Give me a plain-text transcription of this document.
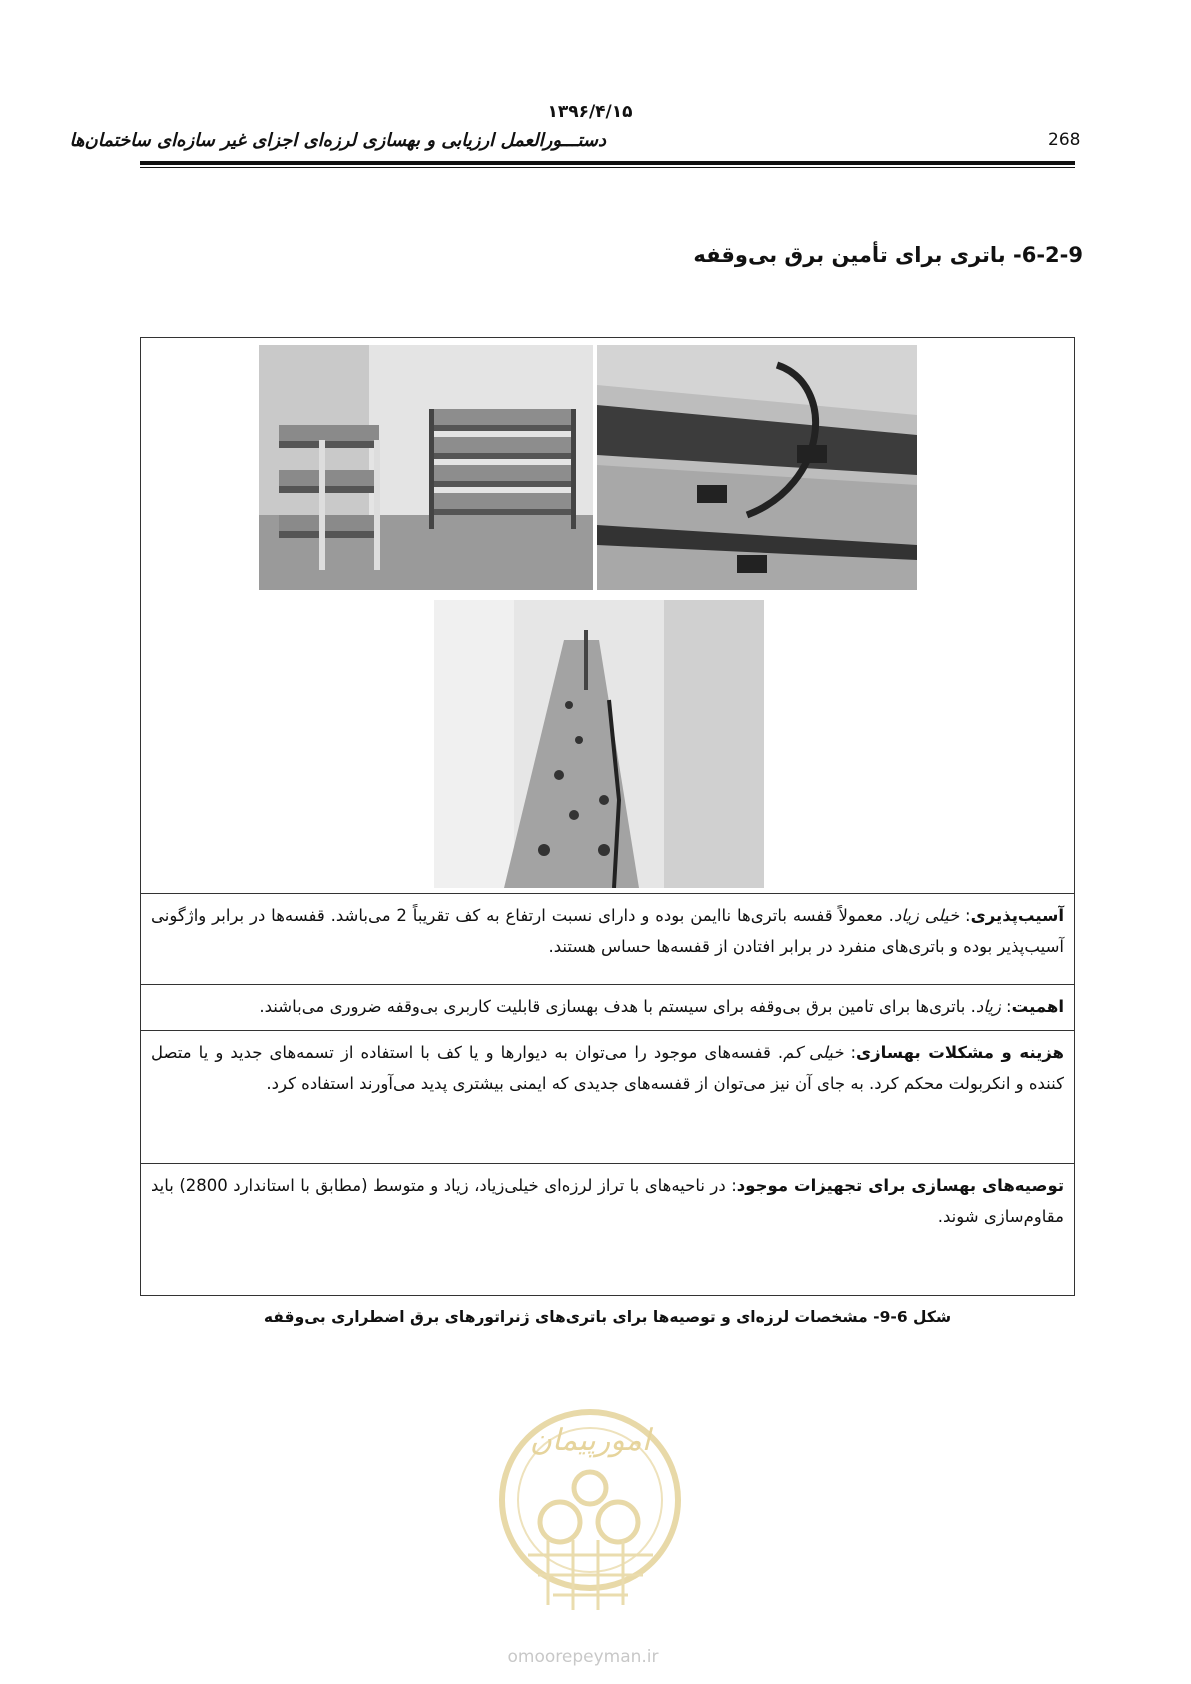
۱۳۹۶/۴/۱۵
دستـــورالعمل ارزیابی و بهسازی لرزه‌ای اجزای غیر سازه‌ای ساختمان‌ها	268
6-2-9- باتری برای تأمین برق بی‌وقفه
آسیب‌پذیری: خیلی زیاد. معمولاً قفسه باتری‌ها ناایمن بوده و دارای نسبت ارتفاع به کف تقریباً 2 می‌باشد. قفسه‌ها در برابر واژگونی آسیب‌پذیر بوده و باتری‌های منفرد در برابر افتادن از قفسه‌ها حساس هستند.
اهمیت: زیاد. باتری‌ها برای تامین برق بی‌وقفه برای سیستم با هدف بهسازی قابلیت کاربری بی‌وقفه ضروری می‌باشند.
هزینه و مشکلات بهسازی: خیلی کم. قفسه‌های موجود را می‌توان به دیوارها و یا کف با استفاده از تسمه‌های جدید و یا متصل کننده و انکربولت محکم کرد. به جای آن نیز می‌توان از قفسه‌های جدیدی که ایمنی بیشتری پدید می‌آورند استفاده کرد.
توصیه‌های بهسازی برای تجهیزات موجود: در ناحیه‌های با تراز لرزه‌ای خیلی‌زیاد، زیاد و متوسط (مطابق با استاندارد 2800) باید مقاوم‌سازی شوند.
شکل 6-9- مشخصات لرزه‌ای و توصیه‌ها برای باتری‌های ژنراتورهای برق اضطراری بی‌وقفه
امورپیمان
omoorepeyman.ir
